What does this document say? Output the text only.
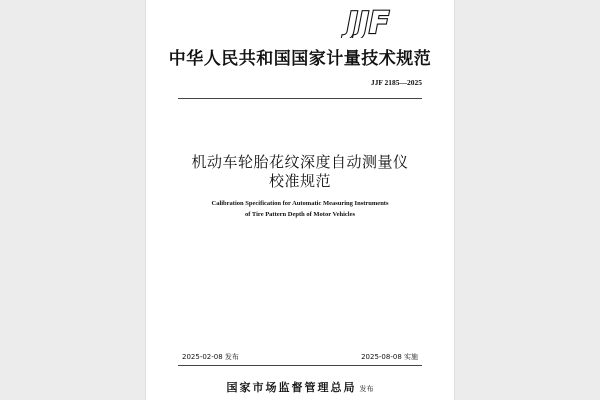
JJF
中华人民共和国国家计量技术规范
JJF 2185—2025
机动车轮胎花纹深度自动测量仪
校准规范
Calibration Specification for Automatic Measuring Instruments
of Tire Pattern Depth of Motor Vehicles
2025-02-08 发布	2025-08-08 实施
国家市场监督管理总局 发布
